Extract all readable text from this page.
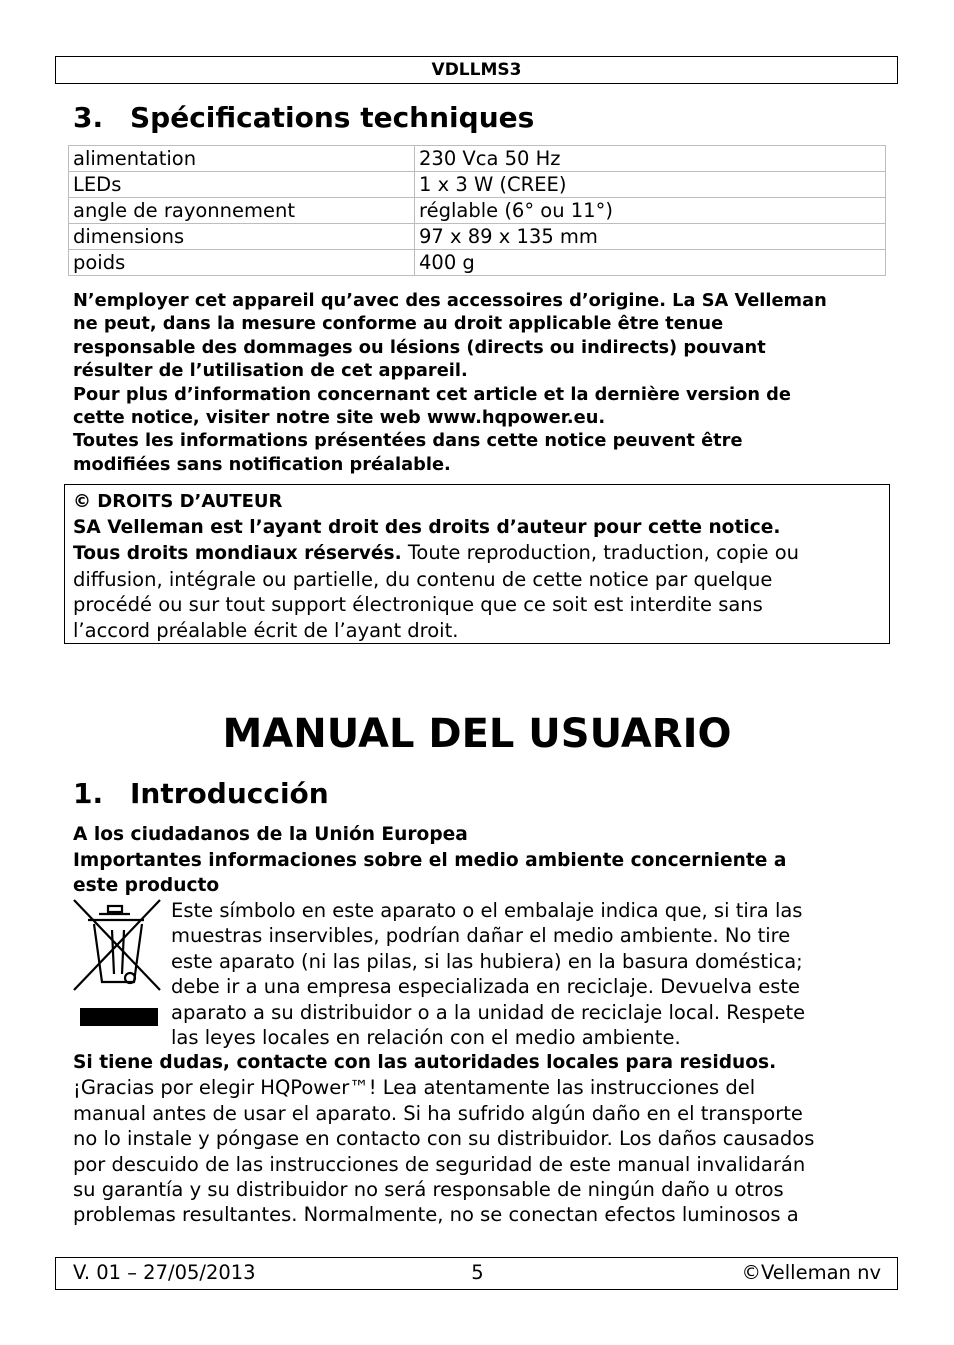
VDLLMS3
3. Spécifications techniques
alimentation	230 Vca 50 Hz
LEDs	1 x 3 W (CREE)
angle de rayonnement	réglable (6° ou 11°)
dimensions	97 x 89 x 135 mm
poids	400 g
N’employer cet appareil qu’avec des accessoires d’origine. La SA Velleman
ne peut, dans la mesure conforme au droit applicable être tenue
responsable des dommages ou lésions (directs ou indirects) pouvant
résulter de l’utilisation de cet appareil.
Pour plus d’information concernant cet article et la dernière version de
cette notice, visiter notre site web www.hqpower.eu.
Toutes les informations présentées dans cette notice peuvent être
modifiées sans notification préalable.
© DROITS D’AUTEUR
SA Velleman est l’ayant droit des droits d’auteur pour cette notice.
Tous droits mondiaux réservés. Toute reproduction, traduction, copie ou
diffusion, intégrale ou partielle, du contenu de cette notice par quelque
procédé ou sur tout support électronique que ce soit est interdite sans
l’accord préalable écrit de l’ayant droit.
MANUAL DEL USUARIO
1. Introducción
A los ciudadanos de la Unión Europea
Importantes informaciones sobre el medio ambiente concerniente a
este producto
Este símbolo en este aparato o el embalaje indica que, si tira las
muestras inservibles, podrían dañar el medio ambiente. No tire
este aparato (ni las pilas, si las hubiera) en la basura doméstica;
debe ir a una empresa especializada en reciclaje. Devuelva este
aparato a su distribuidor o a la unidad de reciclaje local. Respete
las leyes locales en relación con el medio ambiente.
Si tiene dudas, contacte con las autoridades locales para residuos.
¡Gracias por elegir HQPower™! Lea atentamente las instrucciones del
manual antes de usar el aparato. Si ha sufrido algún daño en el transporte
no lo instale y póngase en contacto con su distribuidor. Los daños causados
por descuido de las instrucciones de seguridad de este manual invalidarán
su garantía y su distribuidor no será responsable de ningún daño u otros
problemas resultantes. Normalmente, no se conectan efectos luminosos a
V. 01 – 27/05/2013	5	©Velleman nv
